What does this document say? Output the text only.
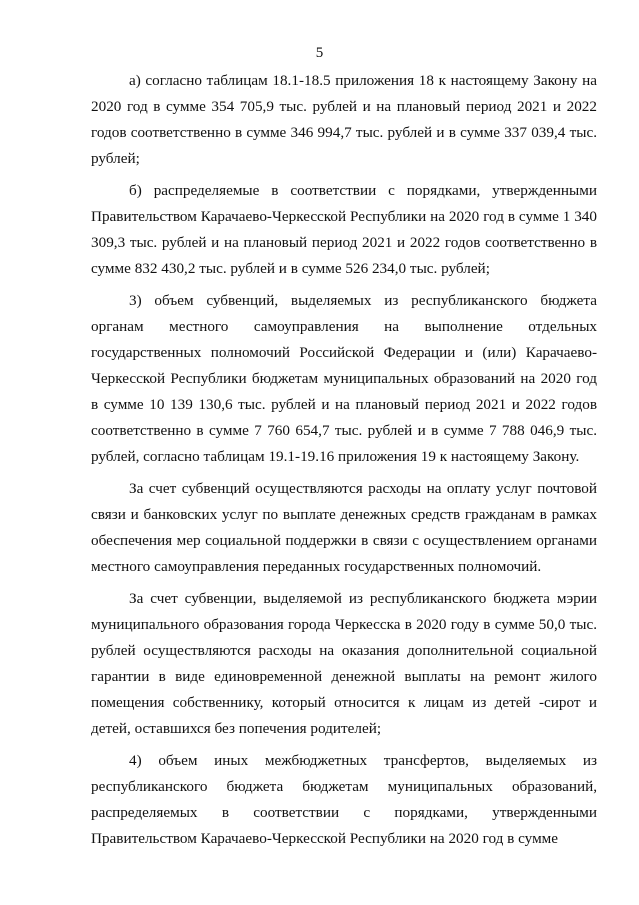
5

а) согласно таблицам 18.1-18.5 приложения 18 к настоящему Закону на 2020 год в сумме 354 705,9 тыс. рублей и на плановый период 2021 и 2022 годов соответственно в сумме 346 994,7 тыс. рублей и в сумме 337 039,4 тыс. рублей;

б) распределяемые в соответствии с порядками, утвержденными Правительством Карачаево-Черкесской Республики на 2020 год в сумме 1 340 309,3 тыс. рублей и на плановый период 2021 и 2022 годов соответственно в сумме 832 430,2 тыс. рублей и в сумме 526 234,0 тыс. рублей;

3) объем субвенций, выделяемых из республиканского бюджета органам местного самоуправления на выполнение отдельных государственных полномочий Российской Федерации и (или) Карачаево-Черкесской Республики бюджетам муниципальных образований на 2020 год в сумме 10 139 130,6 тыс. рублей и на плановый период 2021 и 2022 годов соответственно в сумме 7 760 654,7 тыс. рублей и в сумме 7 788 046,9 тыс. рублей, согласно таблицам 19.1-19.16 приложения 19 к настоящему Закону.

За счет субвенций осуществляются расходы на оплату услуг почтовой связи и банковских услуг по выплате денежных средств гражданам в рамках обеспечения мер социальной поддержки в связи с осуществлением органами местного самоуправления переданных государственных полномочий.

За счет субвенции, выделяемой из республиканского бюджета мэрии муниципального образования города Черкесска в 2020 году в сумме 50,0 тыс. рублей осуществляются расходы на оказания дополнительной социальной гарантии в виде единовременной денежной выплаты на ремонт жилого помещения собственнику, который относится к лицам из детей -сирот и детей, оставшихся без попечения родителей;

4) объем иных межбюджетных трансфертов, выделяемых из республиканского бюджета бюджетам муниципальных образований, распределяемых в соответствии с порядками, утвержденными Правительством Карачаево-Черкесской Республики на 2020 год в сумме
